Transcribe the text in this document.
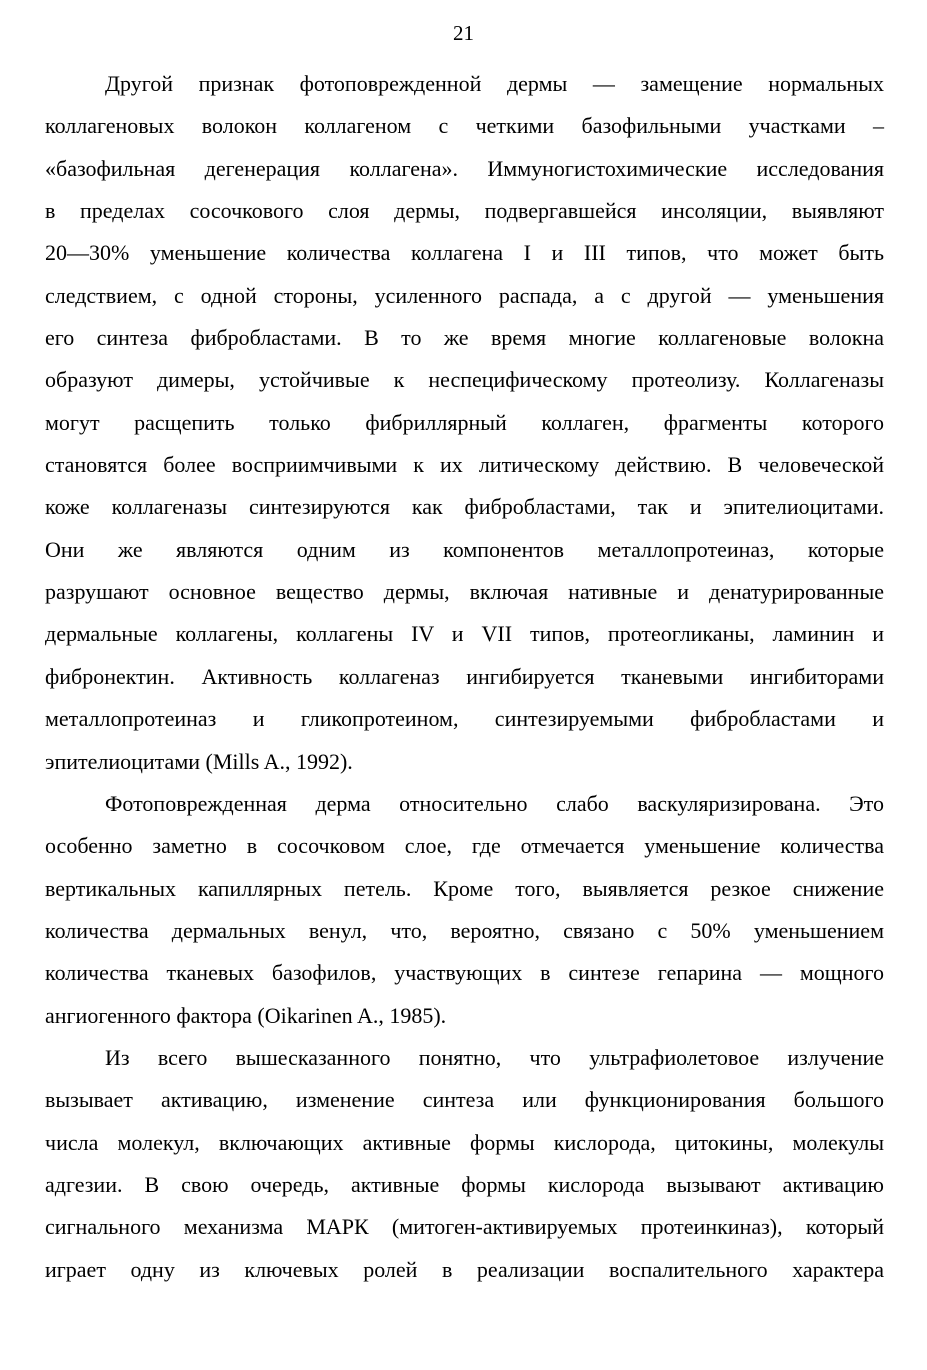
21
Другой признак фотоповрежденной дермы — замещение нормальных
коллагеновых волокон коллагеном с четкими базофильными участками –
«базофильная дегенерация коллагена». Иммуногистохимические исследования
в пределах сосочкового слоя дермы, подвергавшейся инсоляции, выявляют
20—30% уменьшение количества коллагена I и III типов, что может быть
следствием, с одной стороны, усиленного распада, а с другой — уменьшения
его синтеза фибробластами. В то же время многие коллагеновые волокна
образуют димеры, устойчивые к неспецифическому протеолизу. Коллагеназы
могут расщепить только фибриллярный коллаген, фрагменты которого
становятся более восприимчивыми к их литическому действию. В человеческой
коже коллагеназы синтезируются как фибробластами, так и эпителиоцитами.
Они же являются одним из компонентов металлопротеиназ, которые
разрушают основное вещество дермы, включая нативные и денатурированные
дермальные коллагены, коллагены IV и VII типов, протеогликаны, ламинин и
фибронектин. Активность коллагеназ ингибируется тканевыми ингибиторами
металлопротеиназ и гликопротеином, синтезируемыми фибробластами и
эпителиоцитами (Mills A., 1992).
Фотоповрежденная дерма относительно слабо васкуляризирована. Это
особенно заметно в сосочковом слое, где отмечается уменьшение количества
вертикальных капиллярных петель. Кроме того, выявляется резкое снижение
количества дермальных венул, что, вероятно, связано с 50% уменьшением
количества тканевых базофилов, участвующих в синтезе гепарина — мощного
ангиогенного фактора (Oikarinen A., 1985).
Из всего вышесказанного понятно, что ультрафиолетовое излучение
вызывает активацию, изменение синтеза или функционирования большого
числа молекул, включающих активные формы кислорода, цитокины, молекулы
адгезии. В свою очередь, активные формы кислорода вызывают активацию
сигнального механизма МАРК (митоген-активируемых протеинкиназ), который
играет одну из ключевых ролей в реализации воспалительного характера
